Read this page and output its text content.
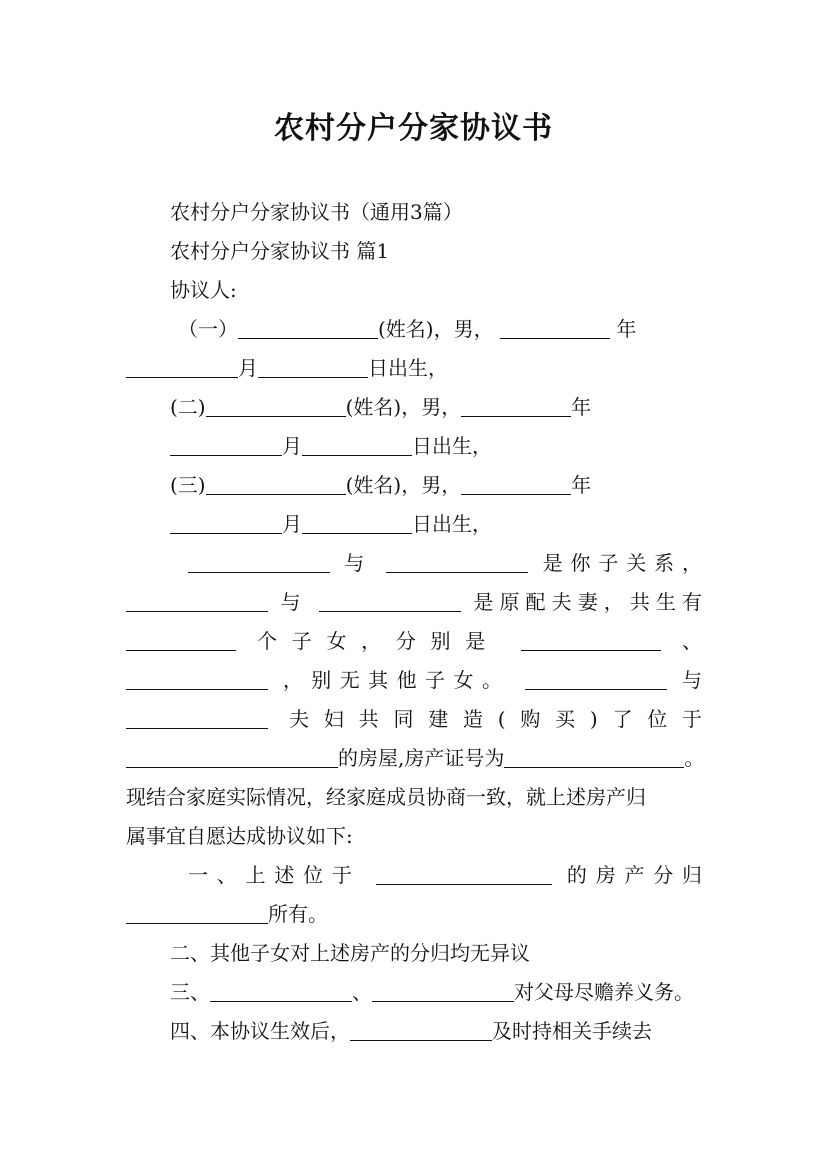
农村分户分家协议书
农村分户分家协议书（通用3篇）
农村分户分家协议书 篇1
协议人:
（一）	(姓名)，男，	年
月	日出生，
(二)	(姓名)，男，	年
月	日出生，
(三)	(姓名)，男，	年
月	日出生，
与	是你子关系，
与	是原配夫妻，共生有
个子女，分别是	、
，别无其他子女。	与
夫妇共同建造(购买)了位于
的房屋,房产证号为	。
现结合家庭实际情况，经家庭成员协商一致，就上述房产归
属事宜自愿达成协议如下:
一、上述位于	的房产分归
所有。
二、其他子女对上述房产的分归均无异议
三、	、	对父母尽赡养义务。
四、本协议生效后，	及时持相关手续去
